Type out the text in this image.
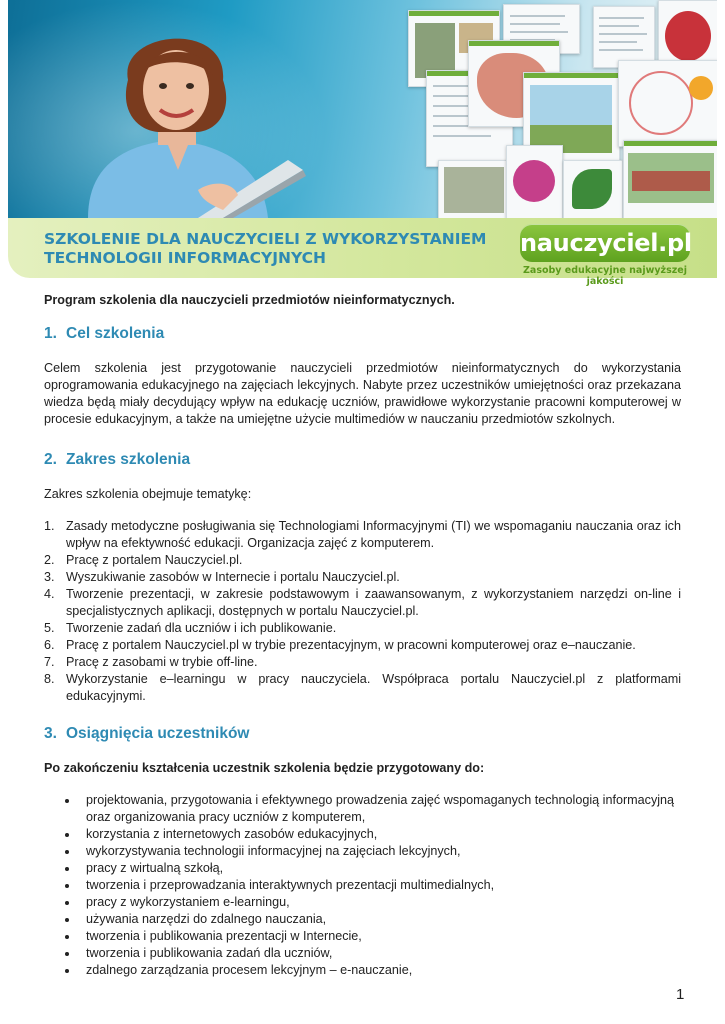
SZKOLENIE DLA NAUCZYCIELI Z WYKORZYSTANIEM TECHNOLOGII INFORMACYJNYCH
nauczyciel.pl
Zasoby edukacyjne najwyższej jakości

Program szkolenia dla nauczycieli przedmiotów nieinformatycznych.

1. Cel szkolenia

Celem szkolenia jest przygotowanie nauczycieli przedmiotów nieinformatycznych do wykorzystania oprogramowania edukacyjnego na zajęciach lekcyjnych. Nabyte przez uczestników umiejętności oraz przekazana wiedza będą miały decydujący wpływ na edukację uczniów, prawidłowe wykorzystanie pracowni komputerowej w procesie edukacyjnym, a także na umiejętne użycie multimediów w nauczaniu przedmiotów szkolnych.

2. Zakres szkolenia

Zakres szkolenia obejmuje tematykę:

1. Zasady metodyczne posługiwania się Technologiami Informacyjnymi (TI) we wspomaganiu nauczania oraz ich wpływ na efektywność edukacji. Organizacja zajęć z komputerem.
2. Pracę z portalem Nauczyciel.pl.
3. Wyszukiwanie zasobów w Internecie i portalu Nauczyciel.pl.
4. Tworzenie prezentacji, w zakresie podstawowym i zaawansowanym, z wykorzystaniem narzędzi on-line i specjalistycznych aplikacji, dostępnych w portalu Nauczyciel.pl.
5. Tworzenie zadań dla uczniów i ich publikowanie.
6. Pracę z portalem Nauczyciel.pl w trybie prezentacyjnym, w pracowni komputerowej oraz e–nauczanie.
7. Pracę z zasobami w trybie off-line.
8. Wykorzystanie e–learningu w pracy nauczyciela. Współpraca portalu Nauczyciel.pl z platformami edukacyjnymi.
3. Osiągnięcia uczestników

Po zakończeniu kształcenia uczestnik szkolenia będzie przygotowany do:

projektowania, przygotowania i efektywnego prowadzenia zajęć wspomaganych technologią informacyjną oraz organizowania pracy uczniów z komputerem,
korzystania z internetowych zasobów edukacyjnych,
wykorzystywania technologii informacyjnej na zajęciach lekcyjnych,
pracy z wirtualną szkołą,
tworzenia i przeprowadzania interaktywnych prezentacji multimedialnych,
pracy z wykorzystaniem e-learningu,
używania narzędzi do zdalnego nauczania,
tworzenia i publikowania prezentacji w Internecie,
tworzenia i publikowania zadań dla uczniów,
zdalnego zarządzania procesem lekcyjnym – e-nauczanie,
1
